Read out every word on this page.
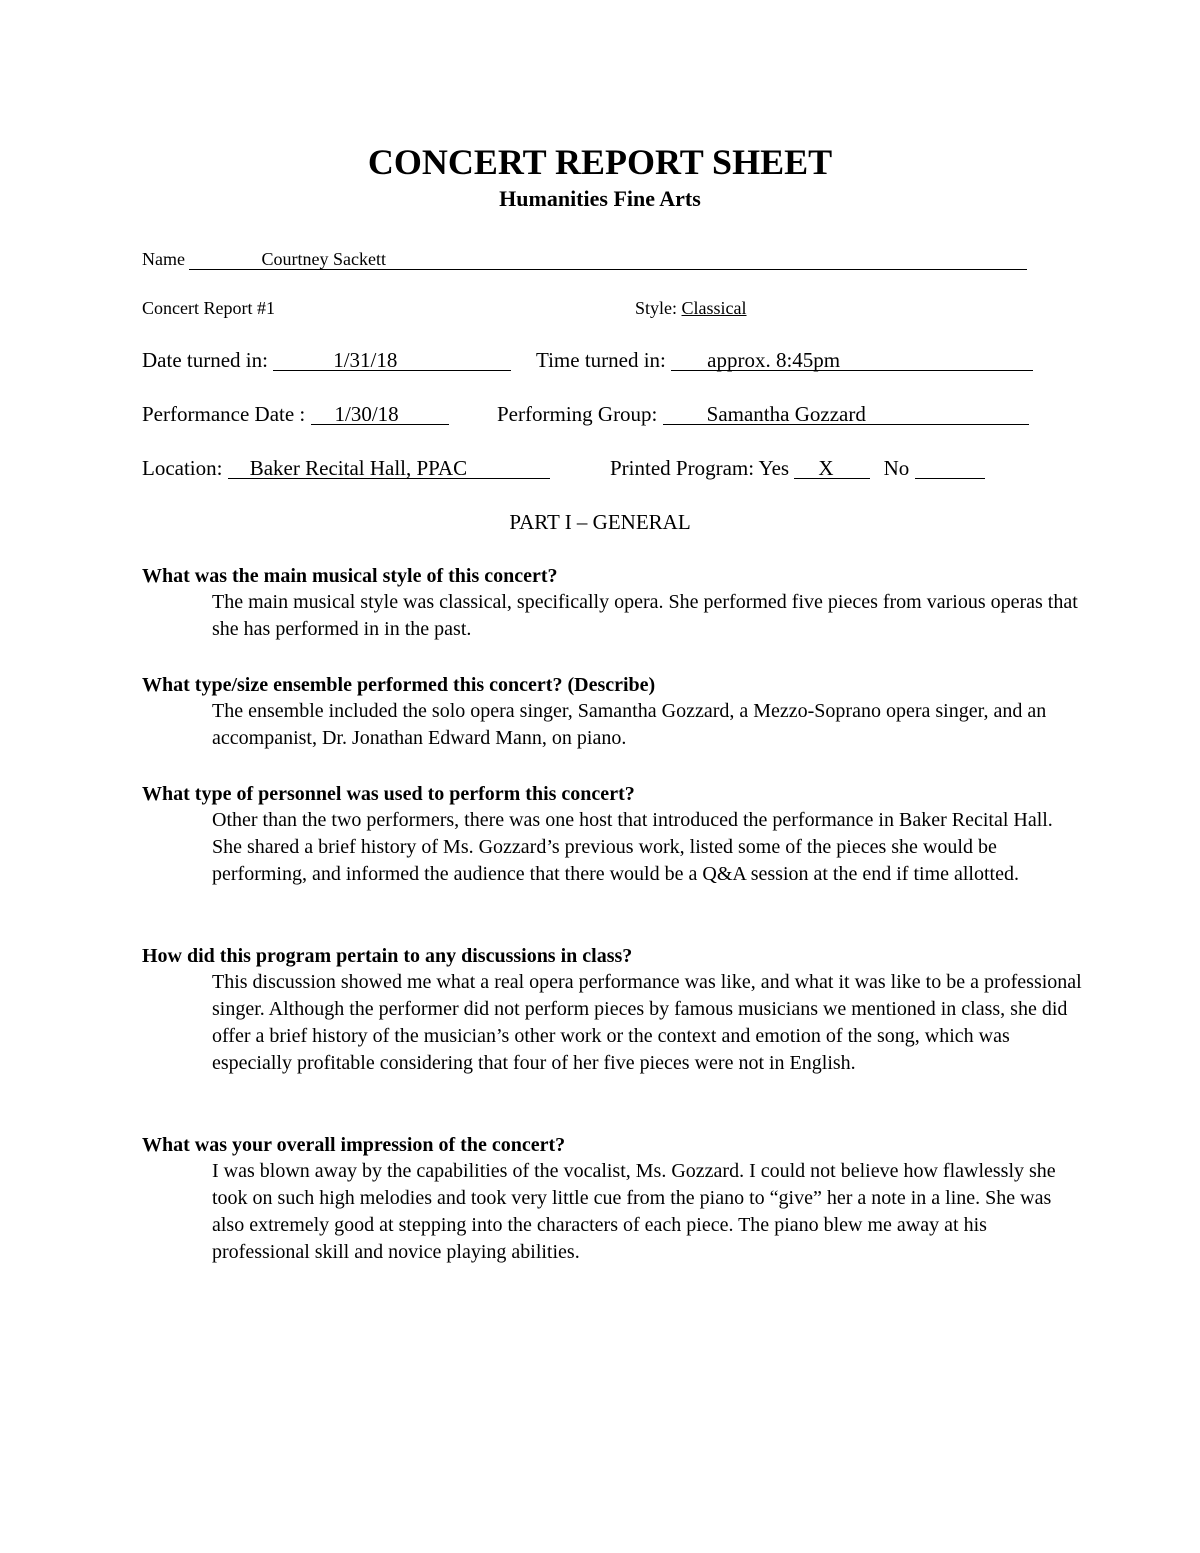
CONCERT REPORT SHEET
Humanities Fine Arts
Name	Courtney Sackett
Concert Report #1	Style: Classical
Date turned in:	1/31/18	Time turned in: approx. 8:45pm
Performance Date : 1/30/18	Performing Group: Samantha Gozzard
Location: Baker Recital Hall, PPAC	Printed Program: Yes X No
PART I – GENERAL

What was the main musical style of this concert?

The main musical style was classical, specifically opera. She performed five pieces from various operas that she has performed in in the past.

What type/size ensemble performed this concert? (Describe)

The ensemble included the solo opera singer, Samantha Gozzard, a Mezzo-Soprano opera singer, and an accompanist, Dr. Jonathan Edward Mann, on piano.

What type of personnel was used to perform this concert?

Other than the two performers, there was one host that introduced the performance in Baker Recital Hall. She shared a brief history of Ms. Gozzard’s previous work, listed some of the pieces she would be performing, and informed the audience that there would be a Q&A session at the end if time allotted.

How did this program pertain to any discussions in class?

This discussion showed me what a real opera performance was like, and what it was like to be a professional singer. Although the performer did not perform pieces by famous musicians we mentioned in class, she did offer a brief history of the musician’s other work or the context and emotion of the song, which was especially profitable considering that four of her five pieces were not in English.

What was your overall impression of the concert?

I was blown away by the capabilities of the vocalist, Ms. Gozzard. I could not believe how flawlessly she took on such high melodies and took very little cue from the piano to “give” her a note in a line. She was also extremely good at stepping into the characters of each piece. The piano blew me away at his professional skill and novice playing abilities.
